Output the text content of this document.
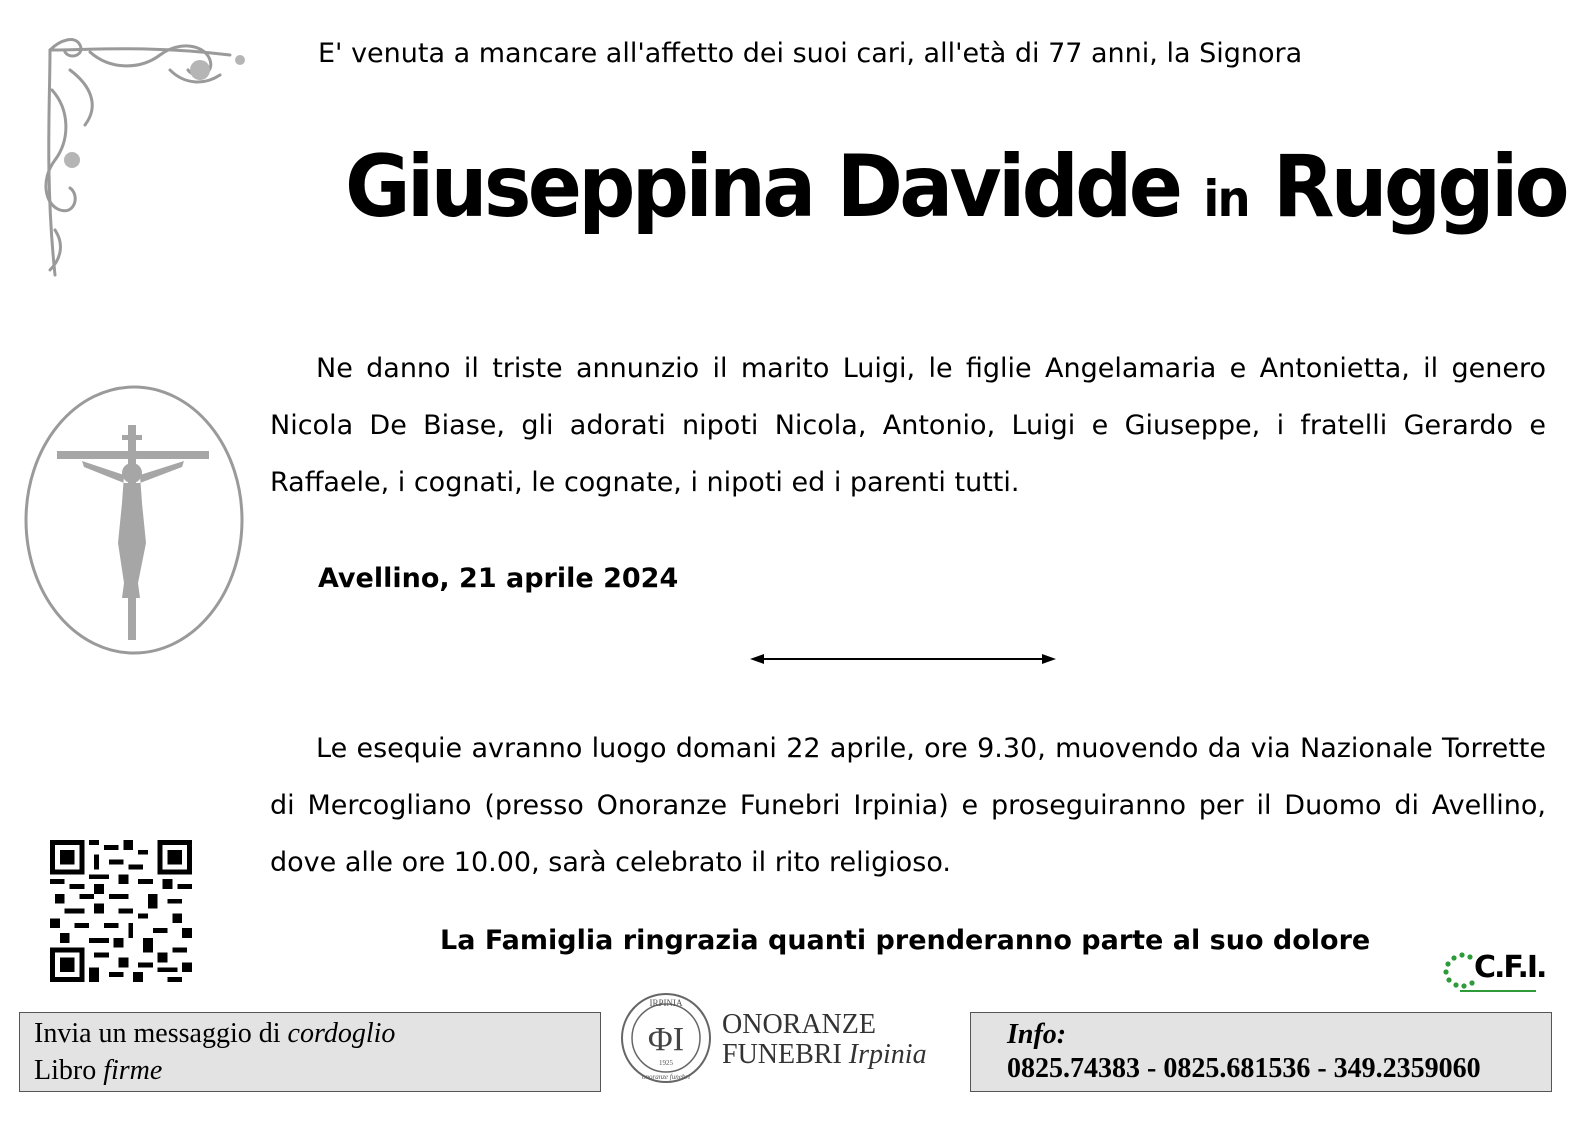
E' venuta a mancare all'affetto dei suoi cari, all'età di 77 anni, la Signora
Giuseppina Davidde in Ruggio
Ne danno il triste annunzio il marito Luigi, le figlie Angelamaria e Antonietta, il genero Nicola De Biase, gli adorati nipoti Nicola, Antonio, Luigi e Giuseppe, i fratelli Gerardo e Raffaele, i cognati, le cognate, i nipoti ed i parenti tutti.
Avellino, 21 aprile 2024
Le esequie avranno luogo domani 22 aprile, ore 9.30, muovendo da via Nazionale Torrette di Mercogliano (presso Onoranze Funebri Irpinia) e proseguiranno per il Duomo di Avellino, dove alle ore 10.00, sarà celebrato il rito religioso.
La Famiglia ringrazia quanti prenderanno parte al suo dolore
C.F.I.
Invia un messaggio di cordoglio
Libro firme
IRPINIA
ΦΙ
1925
onoranze funebri
ONORANZE
FUNEBRI Irpinia
Info:
0825.74383 - 0825.681536 - 349.2359060
